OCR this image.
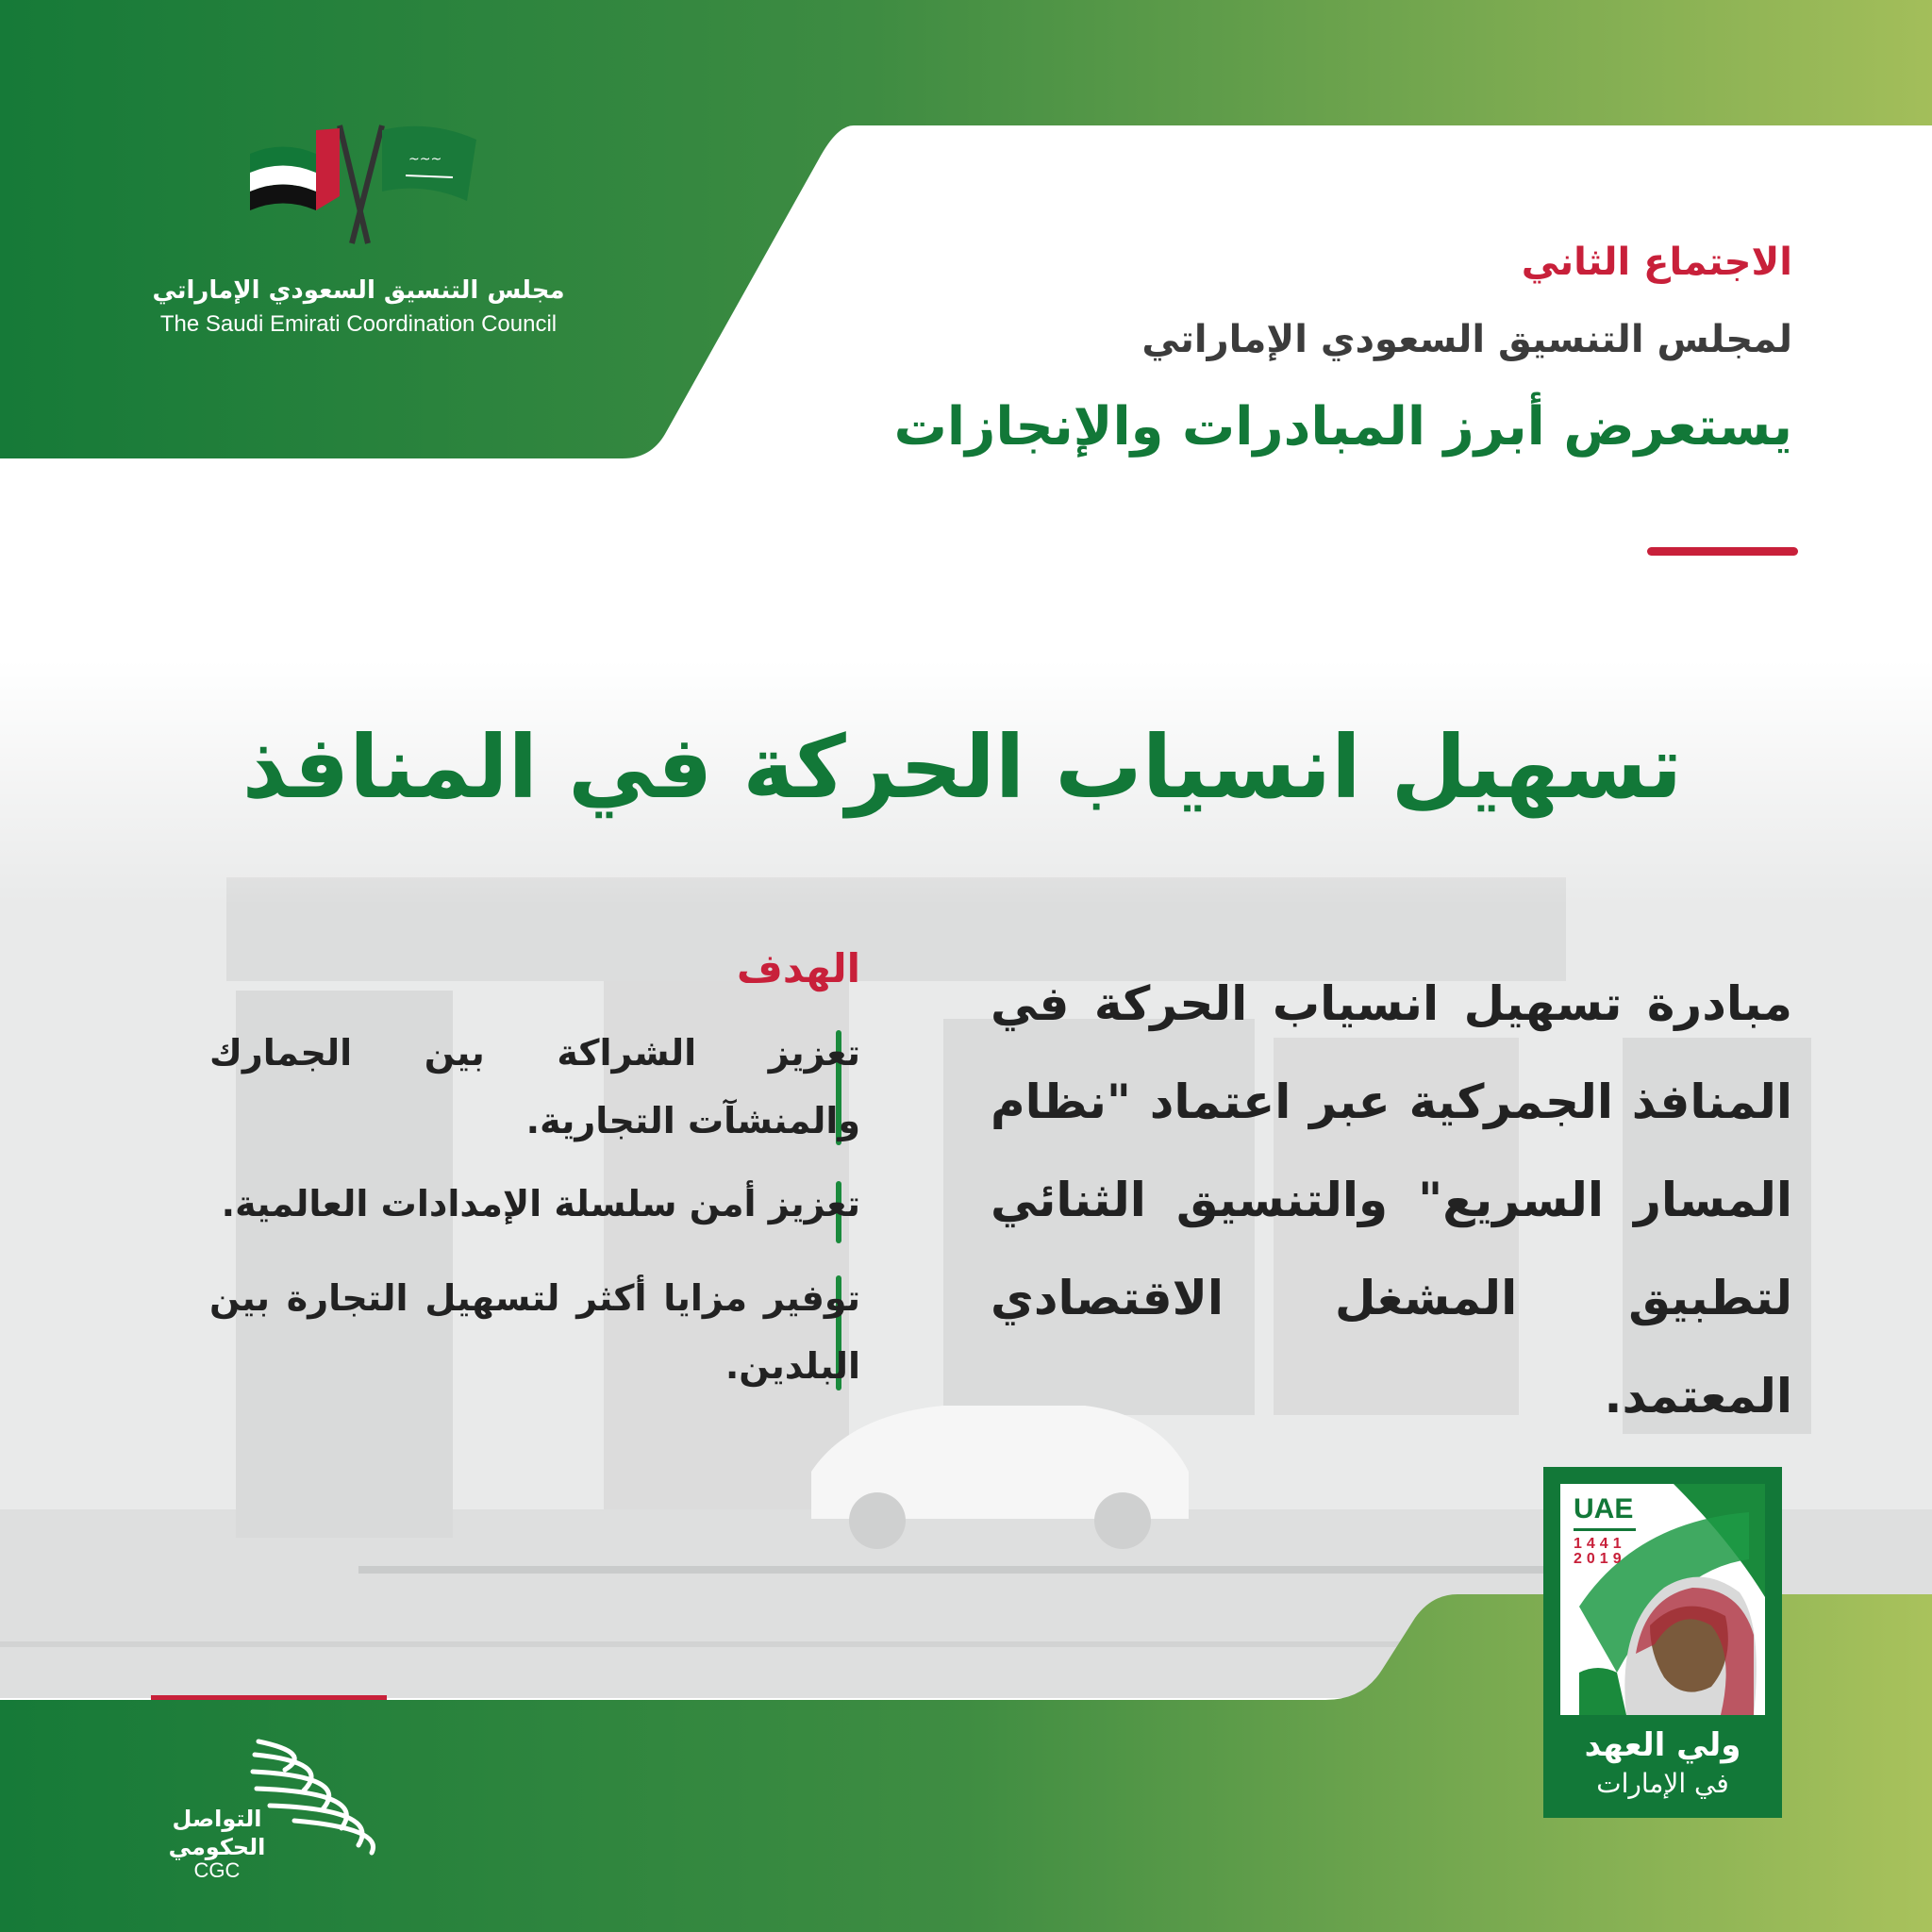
~~~
مجلس التنسيق السعودي الإماراتي
The Saudi Emirati Coordination Council
الاجتماع الثاني
لمجلس التنسيق السعودي الإماراتي
يستعرض أبرز المبادرات والإنجازات
تسهيل انسياب الحركة في المنافذ
مبادرة تسهيل انسياب الحركة في المنافذ الجمركية عبر اعتماد "نظام المسار السريع" والتنسيق الثنائي لتطبيق المشغل الاقتصادي المعتمد.
الهدف
تعزيز الشراكة بين الجمارك والمنشآت التجارية.
تعزيز أمن سلسلة الإمدادات العالمية.
توفير مزايا أكثر لتسهيل التجارة بين البلدين.
التواصل
الحكومي
CGC
UAE
1441
2019
ولي العهد
في الإمارات
